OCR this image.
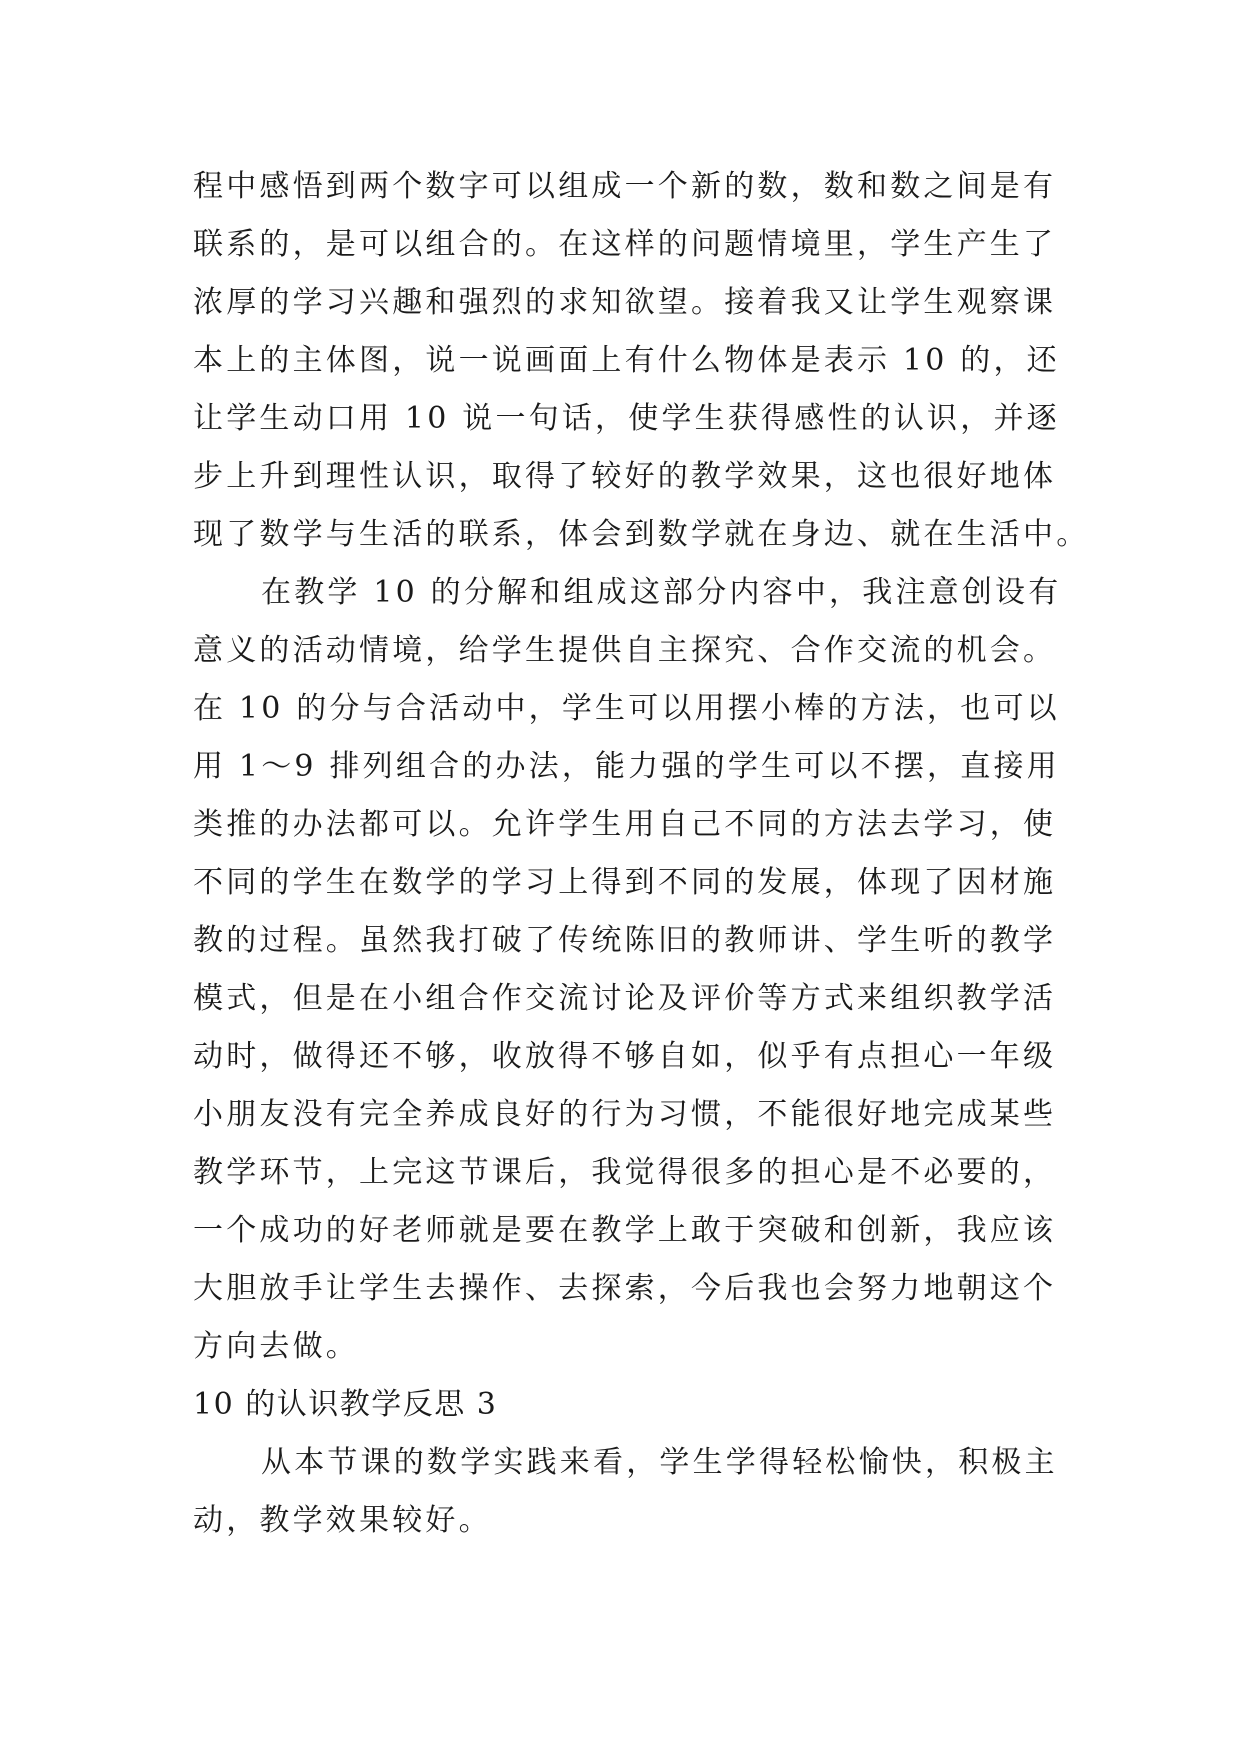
程中感悟到两个数字可以组成一个新的数，数和数之间是有
联系的，是可以组合的。在这样的问题情境里，学生产生了
浓厚的学习兴趣和强烈的求知欲望。接着我又让学生观察课
本上的主体图，说一说画面上有什么物体是表示 10 的，还
让学生动口用 10 说一句话，使学生获得感性的认识，并逐
步上升到理性认识，取得了较好的教学效果，这也很好地体
现了数学与生活的联系，体会到数学就在身边、就在生活中。
在教学 10 的分解和组成这部分内容中，我注意创设有
意义的活动情境，给学生提供自主探究、合作交流的机会。
在 10 的分与合活动中，学生可以用摆小棒的方法，也可以
用 1～9 排列组合的办法，能力强的学生可以不摆，直接用
类推的办法都可以。允许学生用自己不同的方法去学习，使
不同的学生在数学的学习上得到不同的发展，体现了因材施
教的过程。虽然我打破了传统陈旧的教师讲、学生听的教学
模式，但是在小组合作交流讨论及评价等方式来组织教学活
动时，做得还不够，收放得不够自如，似乎有点担心一年级
小朋友没有完全养成良好的行为习惯，不能很好地完成某些
教学环节，上完这节课后，我觉得很多的担心是不必要的，
一个成功的好老师就是要在教学上敢于突破和创新，我应该
大胆放手让学生去操作、去探索，今后我也会努力地朝这个
方向去做。
10 的认识教学反思 3
从本节课的数学实践来看，学生学得轻松愉快，积极主
动，教学效果较好。
